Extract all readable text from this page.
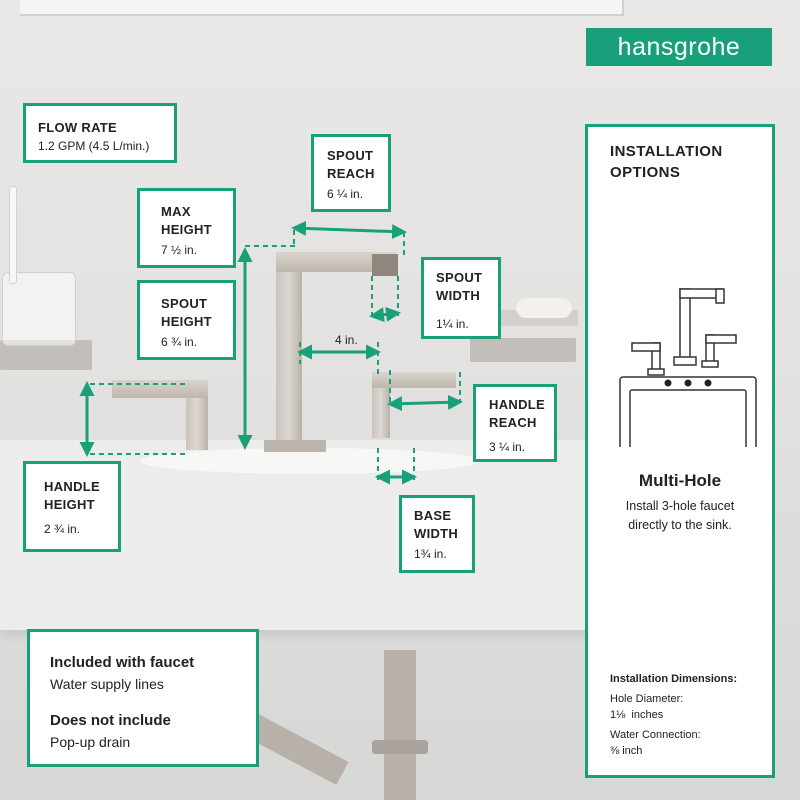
hansgrohe
FLOW RATE
1.2 GPM (4.5 L/min.)
SPOUT
REACH
6 ¼ in.
MAX
HEIGHT
7 ½ in.
SPOUT
HEIGHT
6 ¾ in.
SPOUT
WIDTH
1¼ in.
4 in.
HANDLE
REACH
3 ¼ in.
HANDLE
HEIGHT
2 ¾ in.
BASE
WIDTH
1¾ in.
Included with faucet
Water supply lines
Does not include
Pop-up drain
INSTALLATION
OPTIONS
Multi-Hole
Install 3-hole faucet
directly to the sink.
Installation Dimensions:
Hole Diameter:
1⅛  inches
Water Connection:
⅜ inch
